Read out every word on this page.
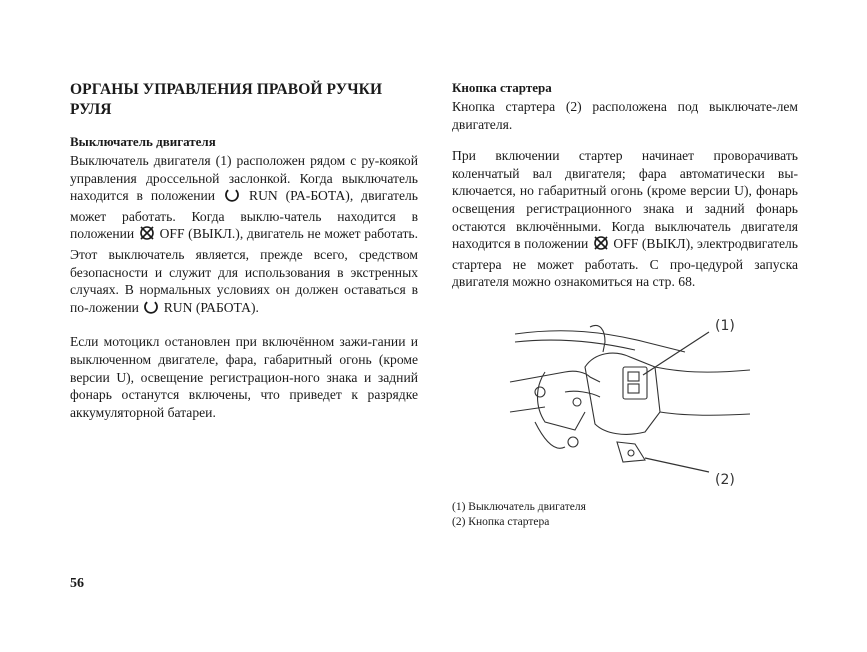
ОРГАНЫ УПРАВЛЕНИЯ ПРАВОЙ РУЧКИ РУЛЯ
Выключатель двигателя

Выключатель двигателя (1) расположен рядом с ру-коякой управления дроссельной заслонкой. Когда выключатель находится в положении RUN (РА-БОТА), двигатель может работать. Когда выклю-чатель находится в положении OFF (ВЫКЛ.), двигатель не может работать. Этот выключатель является, прежде всего, средством безопасности и служит для использования в экстренных случаях. В нормальных условиях он должен оставаться в по-ложении RUN (РАБОТА).

Если мотоцикл остановлен при включённом зажи-гании и выключенном двигателе, фара, габаритный огонь (кроме версии U), освещение регистрацион-ного знака и задний фонарь останутся включены, что приведет к разрядке аккумуляторной батареи.

Кнопка стартера

Кнопка стартера (2) расположена под выключате-лем двигателя.

При включении стартер начинает проворачивать коленчатый вал двигателя; фара автоматически вы-ключается, но габаритный огонь (кроме версии U), фонарь освещения регистрационного знака и задний фонарь остаются включёнными. Когда выключатель двигателя находится в положении OFF (ВЫКЛ), электродвигатель стартера не может работать. С про-цедурой запуска двигателя можно ознакомиться на стр. 68.

(1)
(2)
(1) Выключатель двигателя
(2) Кнопка стартера
56
